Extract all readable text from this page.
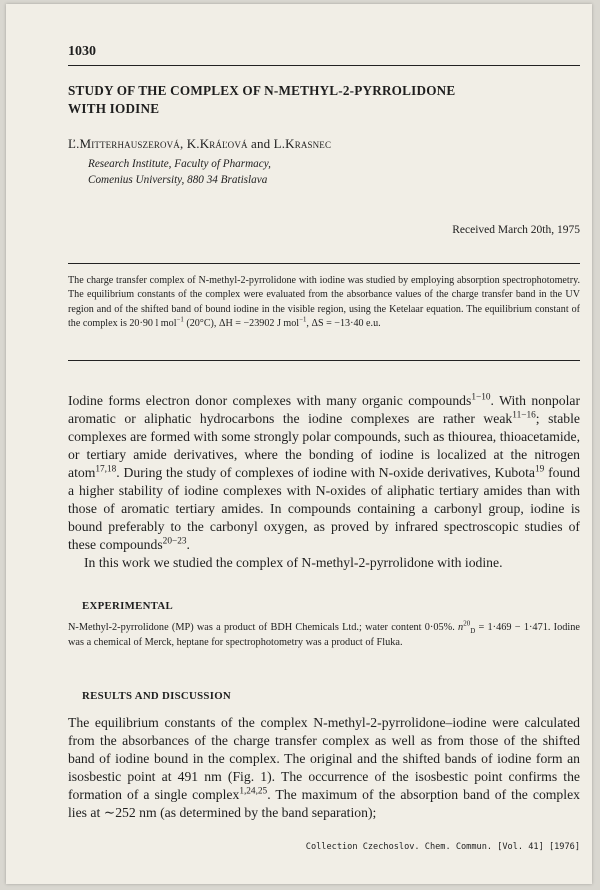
1030
STUDY OF THE COMPLEX OF N-METHYL-2-PYRROLIDONE
WITH IODINE
Ľ.Mitterhauszerová, K.Kráľová and L.Krasnec
Research Institute, Faculty of Pharmacy,
Comenius University, 880 34 Bratislava
Received March 20th, 1975
The charge transfer complex of N-methyl-2-pyrrolidone with iodine was studied by employing absorption spectrophotometry. The equilibrium constants of the complex were evaluated from the absorbance values of the charge transfer band in the UV region and of the shifted band of bound iodine in the visible region, using the Ketelaar equation. The equilibrium constant of the complex is 20·90 l mol$^{-1}$ (20°C), ΔH = −23902 J mol$^{-1}$, ΔS = −13·40 e.u.
Iodine forms electron donor complexes with many organic compounds$^{1-10}$. With nonpolar aromatic or aliphatic hydrocarbons the iodine complexes are rather weak$^{11-16}$; stable complexes are formed with some strongly polar compounds, such as thiourea, thioacetamide, or tertiary amide derivatives, where the bonding of iodine is localized at the nitrogen atom$^{17,18}$. During the study of complexes of iodine with N-oxide derivatives, Kubota$^{19}$ found a higher stability of iodine complexes with N-oxides of aliphatic tertiary amides than with those of aromatic tertiary amides. In compounds containing a carbonyl group, iodine is bound preferably to the carbonyl oxygen, as proved by infrared spectroscopic studies of these compounds$^{20-23}$.
In this work we studied the complex of N-methyl-2-pyrrolidone with iodine.
EXPERIMENTAL
N-Methyl-2-pyrrolidone (MP) was a product of BDH Chemicals Ltd.; water content 0·05%. $n^{20}_D = 1\cdot 469 - 1\cdot 471$. Iodine was a chemical of Merck, heptane for spectrophotometry was a product of Fluka.
RESULTS AND DISCUSSION
The equilibrium constants of the complex N-methyl-2-pyrrolidone–iodine were calculated from the absorbances of the charge transfer complex as well as from those of the shifted band of iodine bound in the complex. The original and the shifted bands of iodine form an isosbestic point at 491 nm (Fig. 1). The occurrence of the isosbestic point confirms the formation of a single complex$^{1,24,25}$. The maximum of the absorption band of the complex lies at ∼252 nm (as determined by the band separation);
Collection Czechoslov. Chem. Commun. [Vol. 41] [1976]
